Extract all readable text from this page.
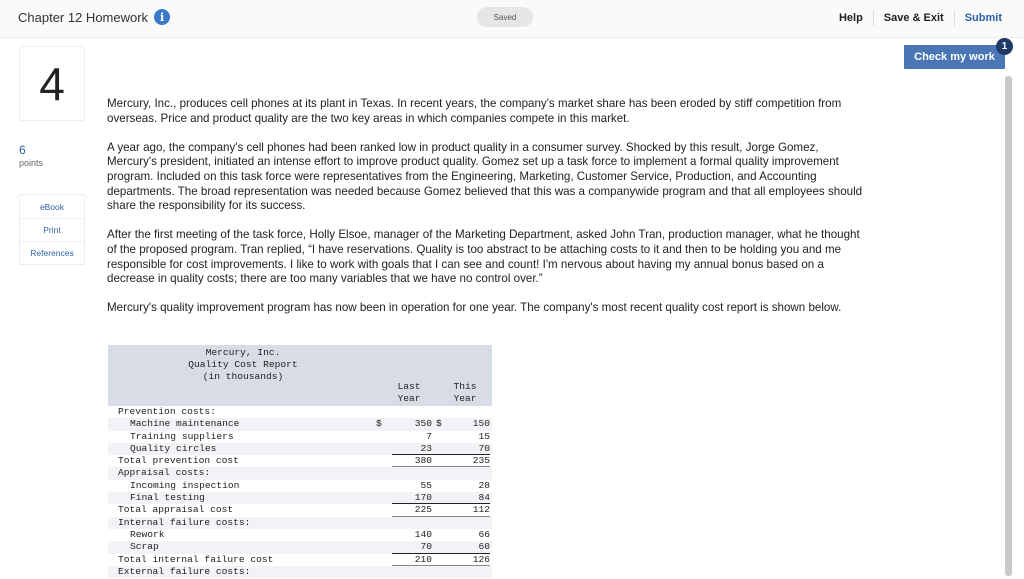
Chapter 12 Homework	i	Saved	Help	Save & Exit	Submit
Check my work
1
4
6
points
eBook
Print
References

Mercury, Inc., produces cell phones at its plant in Texas. In recent years, the company's market share has been eroded by stiff competition from overseas. Price and product quality are the two key areas in which companies compete in this market.

A year ago, the company's cell phones had been ranked low in product quality in a consumer survey. Shocked by this result, Jorge Gomez, Mercury's president, initiated an intense effort to improve product quality. Gomez set up a task force to implement a formal quality improvement program. Included on this task force were representatives from the Engineering, Marketing, Customer Service, Production, and Accounting departments. The broad representation was needed because Gomez believed that this was a companywide program and that all employees should share the responsibility for its success.

After the first meeting of the task force, Holly Elsoe, manager of the Marketing Department, asked John Tran, production manager, what he thought of the proposed program. Tran replied, “I have reservations. Quality is too abstract to be attaching costs to it and then to be holding you and me responsible for cost improvements. I like to work with goals that I can see and count! I'm nervous about having my annual bonus based on a decrease in quality costs; there are too many variables that we have no control over.”

Mercury's quality improvement program has now been in operation for one year. The company's most recent quality cost report is shown below.

Mercury, Inc.
Quality Cost Report
(in thousands)
Last
Year
This
Year
Prevention costs:
Machine maintenance	$	350 $	150
Training suppliers	7	15
Quality circles	23	70
Total prevention cost	380	235
Appraisal costs:
Incoming inspection	55	28
Final testing	170	84
Total appraisal cost	225	112
Internal failure costs:
Rework	140	66
Scrap	70	60
Total internal failure cost	210	126
External failure costs:
